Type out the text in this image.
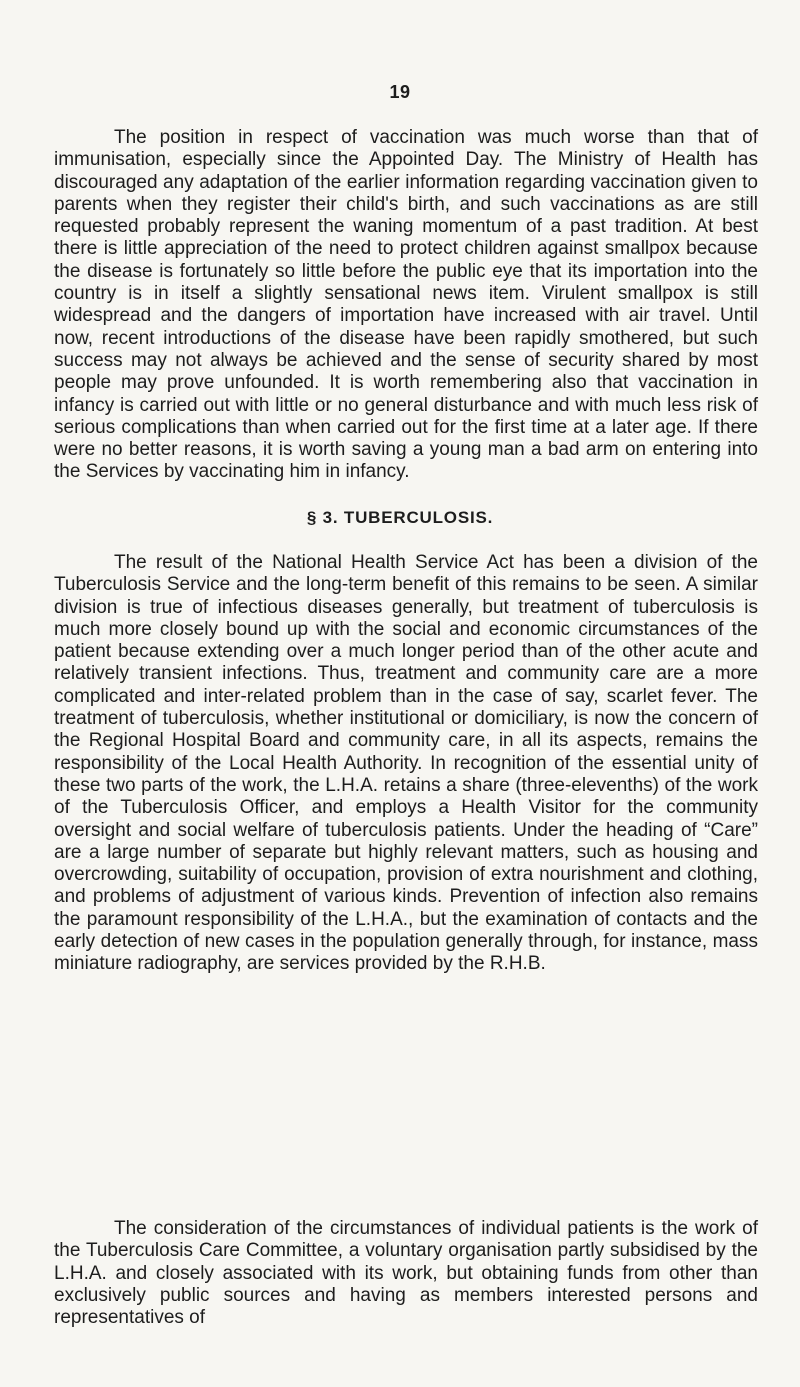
19

The position in respect of vaccination was much worse than that of immunisation, especially since the Appointed Day. The Ministry of Health has discouraged any adaptation of the earlier information regarding vaccination given to parents when they register their child's birth, and such vaccinations as are still requested probably represent the waning momentum of a past tradition. At best there is little appreciation of the need to protect children against smallpox because the disease is fortunately so little before the public eye that its importation into the country is in itself a slightly sensational news item. Virulent smallpox is still widespread and the dangers of importation have increased with air travel. Until now, recent introductions of the disease have been rapidly smothered, but such success may not always be achieved and the sense of security shared by most people may prove unfounded. It is worth remembering also that vaccination in infancy is carried out with little or no general disturbance and with much less risk of serious complications than when carried out for the first time at a later age. If there were no better reasons, it is worth saving a young man a bad arm on entering into the Services by vaccinating him in infancy.

§ 3. TUBERCULOSIS.

The result of the National Health Service Act has been a division of the Tuberculosis Service and the long-term benefit of this remains to be seen. A similar division is true of infectious diseases generally, but treatment of tuberculosis is much more closely bound up with the social and economic circumstances of the patient because extending over a much longer period than of the other acute and relatively transient infections. Thus, treatment and community care are a more complicated and inter-related problem than in the case of say, scarlet fever. The treatment of tuberculosis, whether institutional or domiciliary, is now the concern of the Regional Hospital Board and community care, in all its aspects, remains the responsibility of the Local Health Authority. In recognition of the essential unity of these two parts of the work, the L.H.A. retains a share (three-elevenths) of the work of the Tuberculosis Officer, and employs a Health Visitor for the community oversight and social welfare of tuberculosis patients. Under the heading of “Care” are a large number of separate but highly relevant matters, such as housing and overcrowding, suitability of occupation, provision of extra nourishment and clothing, and problems of adjustment of various kinds. Prevention of infection also remains the paramount responsibility of the L.H.A., but the examination of contacts and the early detection of new cases in the population generally through, for instance, mass miniature radiography, are services provided by the R.H.B.

The consideration of the circumstances of individual patients is the work of the Tuberculosis Care Committee, a voluntary organisation partly subsidised by the L.H.A. and closely associated with its work, but obtaining funds from other than exclusively public sources and having as members interested persons and representatives of
